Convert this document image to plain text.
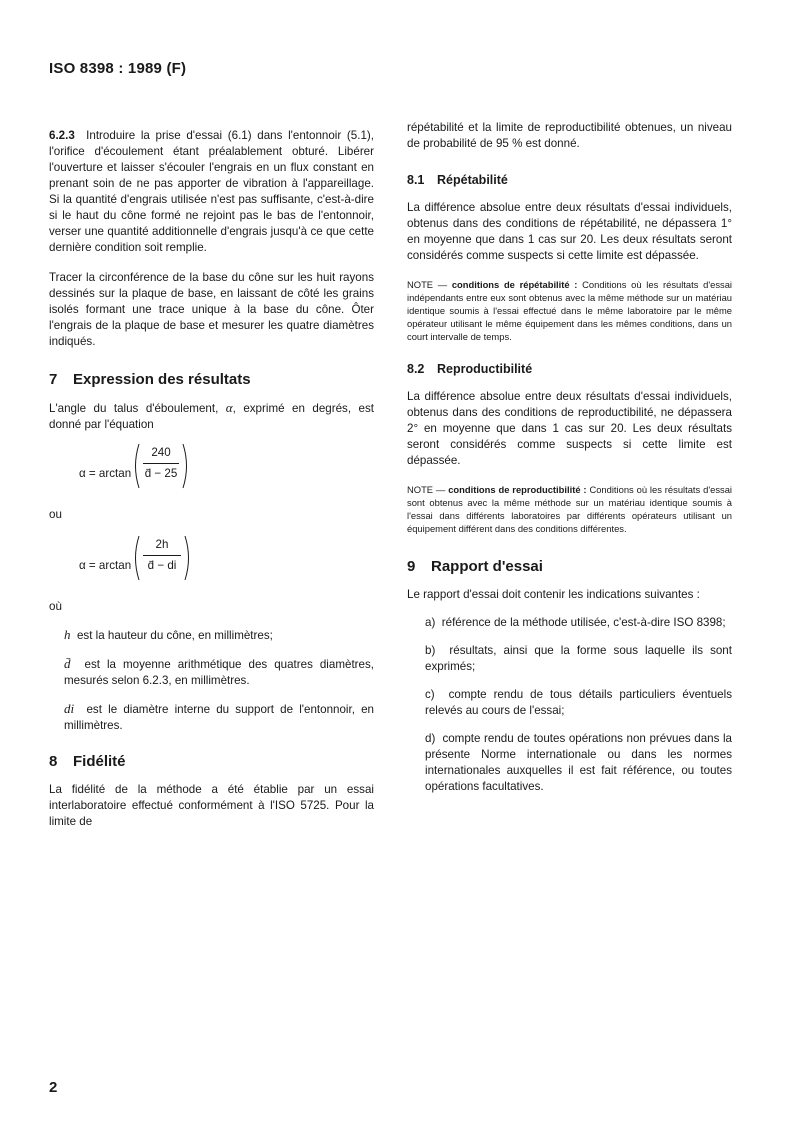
ISO 8398 : 1989 (F)

6.2.3 Introduire la prise d'essai (6.1) dans l'entonnoir (5.1), l'orifice d'écoulement étant préalablement obturé. Libérer l'ouverture et laisser s'écouler l'engrais en un flux constant en prenant soin de ne pas apporter de vibration à l'appareillage. Si la quantité d'engrais utilisée n'est pas suffisante, c'est-à-dire si le haut du cône formé ne rejoint pas le bas de l'entonnoir, verser une quantité additionnelle d'engrais jusqu'à ce que cette dernière condition soit remplie.

Tracer la circonférence de la base du cône sur les huit rayons dessinés sur la plaque de base, en laissant de côté les grains isolés formant une trace unique à la base du cône. Ôter l'engrais de la plaque de base et mesurer les quatre diamètres indiqués.

7 Expression des résultats

L'angle du talus d'éboulement, α, exprimé en degrés, est donné par l'équation

$\alpha = \arctan \frac{240}{d̄ - 25}$

ou

$\alpha = \arctan \frac{2h}{d̄ - di}$

où

h est la hauteur du cône, en millimètres;

d̄ est la moyenne arithmétique des quatres diamètres, mesurés selon 6.2.3, en millimètres.

di est le diamètre interne du support de l'entonnoir, en millimètres.

8 Fidélité

La fidélité de la méthode a été établie par un essai interlaboratoire effectué conformément à l'ISO 5725. Pour la limite de

répétabilité et la limite de reproductibilité obtenues, un niveau de probabilité de 95 % est donné.

8.1 Répétabilité

La différence absolue entre deux résultats d'essai individuels, obtenus dans des conditions de répétabilité, ne dépassera 1° en moyenne que dans 1 cas sur 20. Les deux résultats seront considérés comme suspects si cette limite est dépassée.

NOTE — conditions de répétabilité : Conditions où les résultats d'essai indépendants entre eux sont obtenus avec la même méthode sur un matériau identique soumis à l'essai effectué dans le même laboratoire par le même opérateur utilisant le même équipement dans les mêmes conditions, dans un court intervalle de temps.

8.2 Reproductibilité

La différence absolue entre deux résultats d'essai individuels, obtenus dans des conditions de reproductibilité, ne dépassera 2° en moyenne que dans 1 cas sur 20. Les deux résultats seront considérés comme suspects si cette limite est dépassée.

NOTE — conditions de reproductibilité : Conditions où les résultats d'essai sont obtenus avec la même méthode sur un matériau identique soumis à l'essai dans différents laboratoires par différents opérateurs utilisant un équipement différent dans des conditions différentes.

9 Rapport d'essai

Le rapport d'essai doit contenir les indications suivantes :

a) référence de la méthode utilisée, c'est-à-dire ISO 8398;

b) résultats, ainsi que la forme sous laquelle ils sont exprimés;

c) compte rendu de tous détails particuliers éventuels relevés au cours de l'essai;

d) compte rendu de toutes opérations non prévues dans la présente Norme internationale ou dans les normes internationales auxquelles il est fait référence, ou toutes opérations facultatives.

2
